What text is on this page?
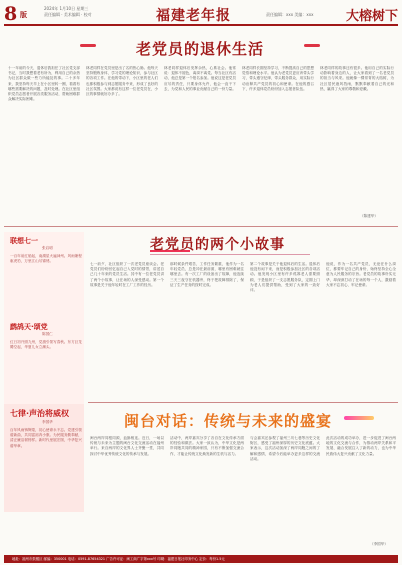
8 版
2024年 1月10日 星期三
责任编辑 · 美术编辑 · 校对	福建老年报	责任编辑：xxx 美编：xxx	大榕树下
老党员的退休生活
十一年前的今天，退休后我担任了社区党支部书记，当时我想着老有所为，利用自己的余热为社区群众做一些力所能及的事。二十多年来，我坚持每天早上在小区里转一圈，看看有哪些需要解决的问题，及时处理。在社区里组织党员志愿者开展各类服务活动，帮助困难群众解决实际困难。
林老同样在党员里是出了名的热心肠。他每天坚持锻炼身体，学习党的理论知识，参与社区的各项工作。在他的带动下，小区里的老人们也都积极参与到志愿服务中来，形成了良好的社区氛围。大家都说有这样一位老党员在，小区的事情就好办多了。
林老同样退休后发挥余热，心系社会。他常说：退休不褪色，离岗不离党。每当社区有活动，他总是第一个报名参加。他说这是老党员应尽的责任，只要身体允许，他会一直干下去，为党和人民的事业贡献自己的一份力量。
林老同样长期坚持学习，不断提高自己的思想觉悟和理论水平。他认为老党员更应该带头学习，带头遵守纪律，带头服务群众，用实际行动诠释共产党员的初心和使命。在他的感召下，许多退休党员纷纷加入志愿者队伍。
林老同样的故事还有很多。他用自己的实际行动影响着身边的人，让大家看到了一名老党员的担当与风采。他就像一棵常青的大榕树，为社区居民遮风挡雨，默默奉献着自己的光和热，赢得了大家的尊敬和爱戴。
（陈建华）
联想七一
张启明
一百年前红船起，南湖星火遍神州。风雨兼程驱虎豹，万里江山尽锦绣。
鹧鸪天·颂党
陈国仁
红日初升照九州，党旗引领写春秋。东方巨龙腾空起，华夏儿女立潮头。
七律·声治将威权
李国华
百年风雨铸辉煌，初心使命永不忘。党建引领谱新曲，共同富裕奔小康。为民服务勤奉献，清正廉洁树榜样。新时代里展宏图，中华复兴谱华章。
老党员的两个小故事
七一前夕，社区组织了一次老党员座谈会。老党员们纷纷回忆起自己入党时的情景，讲述自己几十年来的党员生活。其中有一位老党员讲了两个小故事，让在场的人深受感动。第一个故事是关于他年轻时在工厂工作的经历。
那时候条件艰苦，工作任务繁重，他作为一名年轻党员，总是冲在最前面，哪里有困难就往哪里去。有一次工厂的设备出了故障，他连续三天三夜守在机器旁，终于把故障排除了，保证了生产任务的按时完成。
第二个故事是关于他退休后的生活。退休后他没有闲下来，而是积极参加社区的各项活动。他发现小区里有许多孤寡老人需要照顾，于是组织了一支志愿服务队，定期上门为老人们提供帮助，受到了大家的一致好评。
他说，作为一名共产党员，无论在什么岗位，都要牢记自己的身份，始终坚持全心全意为人民服务的宗旨。老党员的故事朴实无华，却深深打动了在场的每一个人，激励着大家不忘初心、牢记使命。
闽台对话：传统与未来的盛宴
闽台两岸同根同源，血脉相连。近日，一场以传统与未来为主题的闽台文化交流活动在福州举行。来自两岸的文化界人士齐聚一堂，共同探讨中华优秀传统文化的传承与发展。
活动中，两岸嘉宾分享了各自在文化传承方面的经验和做法。大家一致认为，中华文化是两岸同胞共同的精神家园，只有不断加强交流合作，才能让传统文化焕发新的生机与活力。
与会嘉宾还参观了福州三坊七巷等历史文化街区，感受了福州深厚的历史文化底蕴。大家表示，这次活动加深了两岸同胞之间的了解和感情，希望今后能举办更多这样的交流活动。
此次活动的成功举办，进一步促进了闽台两地的文化交流与合作，为推动两岸关系和平发展、融合发展注入了新的动力，也为中华民族伟大复兴贡献了文化力量。
（李国华）
地址：福州市鼓楼区 邮编：350001 电话：0591-87654321 广告许可证：闽工商广字第xxx号 印刷：福建日报社印务中心 定价：每份1.5元
